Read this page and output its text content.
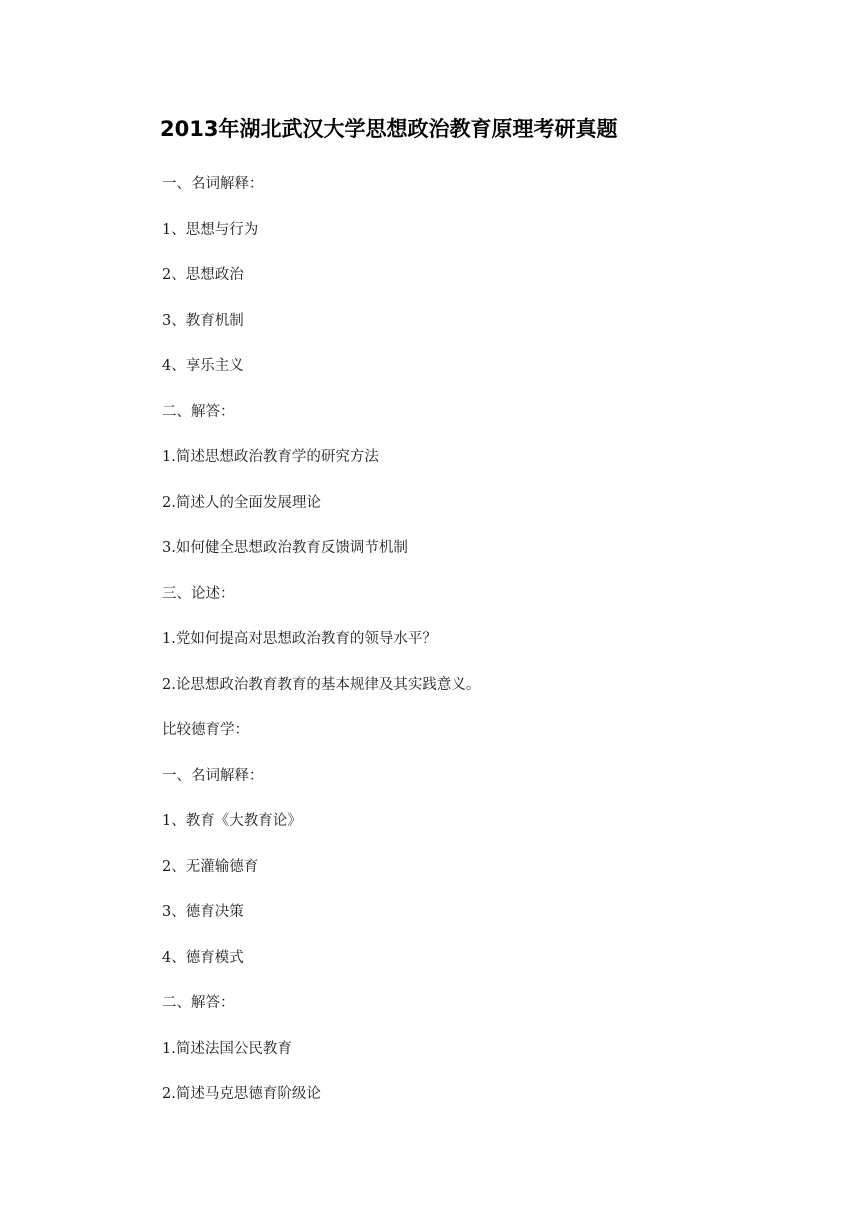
2013年湖北武汉大学思想政治教育原理考研真题
一、名词解释：
1、思想与行为
2、思想政治
3、教育机制
4、享乐主义
二、解答：
1.简述思想政治教育学的研究方法
2.简述人的全面发展理论
3.如何健全思想政治教育反馈调节机制
三、论述：
1.党如何提高对思想政治教育的领导水平？
2.论思想政治教育教育的基本规律及其实践意义。
比较德育学：
一、名词解释：
1、教育《大教育论》
2、无灌输德育
3、德育决策
4、德育模式
二、解答：
1.简述法国公民教育
2.简述马克思德育阶级论
